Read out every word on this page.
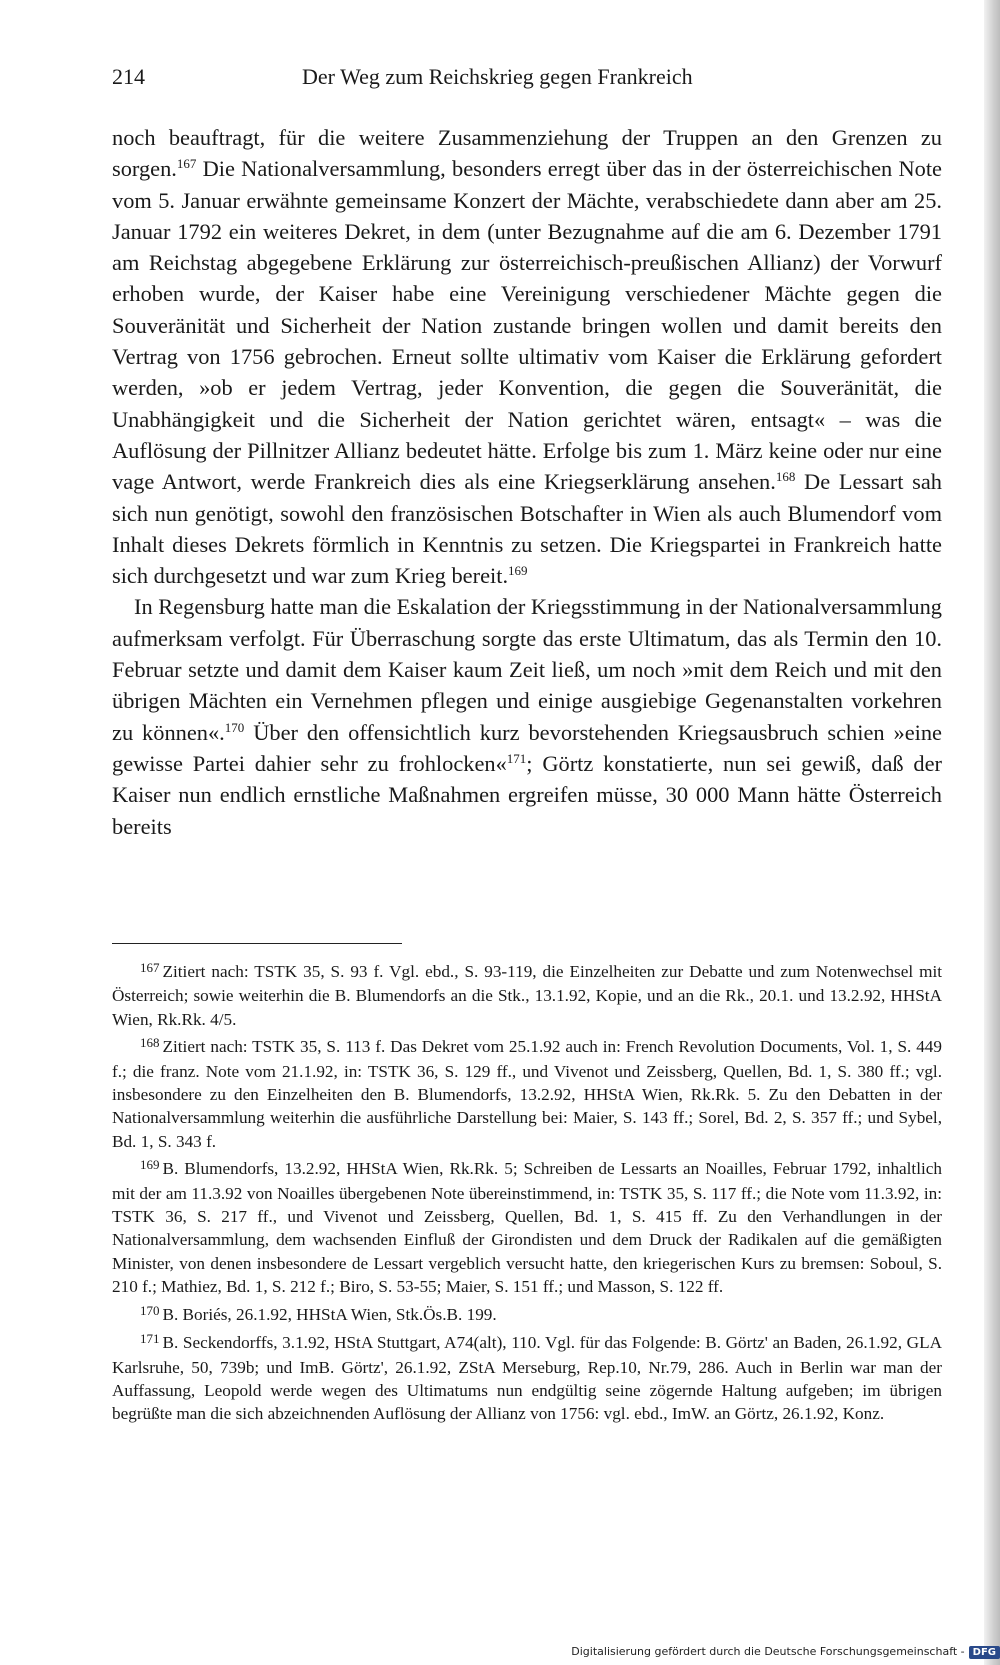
214	Der Weg zum Reichskrieg gegen Frankreich

noch beauftragt, für die weitere Zusammenziehung der Truppen an den Grenzen zu sorgen.$^{167}$ Die Nationalversammlung, besonders erregt über das in der österreichischen Note vom 5. Januar erwähnte gemeinsame Konzert der Mächte, verabschiedete dann aber am 25. Januar 1792 ein weiteres Dekret, in dem (unter Bezugnahme auf die am 6. Dezember 1791 am Reichstag abgegebene Erklärung zur österreichisch-preußischen Allianz) der Vorwurf erhoben wurde, der Kaiser habe eine Vereinigung verschiedener Mächte gegen die Souveränität und Sicherheit der Nation zustande bringen wollen und damit bereits den Vertrag von 1756 gebrochen. Erneut sollte ultimativ vom Kaiser die Erklärung gefordert werden, »ob er jedem Vertrag, jeder Konvention, die gegen die Souveränität, die Unabhängigkeit und die Sicherheit der Nation gerichtet wären, entsagt« – was die Auflösung der Pillnitzer Allianz bedeutet hätte. Erfolge bis zum 1. März keine oder nur eine vage Antwort, werde Frankreich dies als eine Kriegserklärung ansehen.$^{168}$ De Lessart sah sich nun genötigt, sowohl den französischen Botschafter in Wien als auch Blumendorf vom Inhalt dieses Dekrets förmlich in Kenntnis zu setzen. Die Kriegspartei in Frankreich hatte sich durchgesetzt und war zum Krieg bereit.$^{169}$

In Regensburg hatte man die Eskalation der Kriegsstimmung in der Nationalversammlung aufmerksam verfolgt. Für Überraschung sorgte das erste Ultimatum, das als Termin den 10. Februar setzte und damit dem Kaiser kaum Zeit ließ, um noch »mit dem Reich und mit den übrigen Mächten ein Vernehmen pflegen und einige ausgiebige Gegenanstalten vorkehren zu können«.$^{170}$ Über den offensichtlich kurz bevorstehenden Kriegsausbruch schien »eine gewisse Partei dahier sehr zu frohlocken«$^{171}$; Görtz konstatierte, nun sei gewiß, daß der Kaiser nun endlich ernstliche Maßnahmen ergreifen müsse, 30 000 Mann hätte Österreich bereits

$^{167}$ Zitiert nach: TSTK 35, S. 93 f. Vgl. ebd., S. 93-119, die Einzelheiten zur Debatte und zum Notenwechsel mit Österreich; sowie weiterhin die B. Blumendorfs an die Stk., 13.1.92, Kopie, und an die Rk., 20.1. und 13.2.92, HHStA Wien, Rk.Rk. 4/5.

$^{168}$ Zitiert nach: TSTK 35, S. 113 f. Das Dekret vom 25.1.92 auch in: French Revolution Documents, Vol. 1, S. 449 f.; die franz. Note vom 21.1.92, in: TSTK 36, S. 129 ff., und Vivenot und Zeissberg, Quellen, Bd. 1, S. 380 ff.; vgl. insbesondere zu den Einzelheiten den B. Blumendorfs, 13.2.92, HHStA Wien, Rk.Rk. 5. Zu den Debatten in der Nationalversammlung weiterhin die ausführliche Darstellung bei: Maier, S. 143 ff.; Sorel, Bd. 2, S. 357 ff.; und Sybel, Bd. 1, S. 343 f.

$^{169}$ B. Blumendorfs, 13.2.92, HHStA Wien, Rk.Rk. 5; Schreiben de Lessarts an Noailles, Februar 1792, inhaltlich mit der am 11.3.92 von Noailles übergebenen Note übereinstimmend, in: TSTK 35, S. 117 ff.; die Note vom 11.3.92, in: TSTK 36, S. 217 ff., und Vivenot und Zeissberg, Quellen, Bd. 1, S. 415 ff. Zu den Verhandlungen in der Nationalversammlung, dem wachsenden Einfluß der Girondisten und dem Druck der Radikalen auf die gemäßigten Minister, von denen insbesondere de Lessart vergeblich versucht hatte, den kriegerischen Kurs zu bremsen: Soboul, S. 210 f.; Mathiez, Bd. 1, S. 212 f.; Biro, S. 53-55; Maier, S. 151 ff.; und Masson, S. 122 ff.

$^{170}$ B. Boriés, 26.1.92, HHStA Wien, Stk.Ös.B. 199.

$^{171}$ B. Seckendorffs, 3.1.92, HStA Stuttgart, A74(alt), 110. Vgl. für das Folgende: B. Görtz' an Baden, 26.1.92, GLA Karlsruhe, 50, 739b; und ImB. Görtz', 26.1.92, ZStA Merseburg, Rep.10, Nr.79, 286. Auch in Berlin war man der Auffassung, Leopold werde wegen des Ultimatums nun endgültig seine zögernde Haltung aufgeben; im übrigen begrüßte man die sich abzeichnenden Auflösung der Allianz von 1756: vgl. ebd., ImW. an Görtz, 26.1.92, Konz.

Digitalisierung gefördert durch die Deutsche Forschungsgemeinschaft - DFG
